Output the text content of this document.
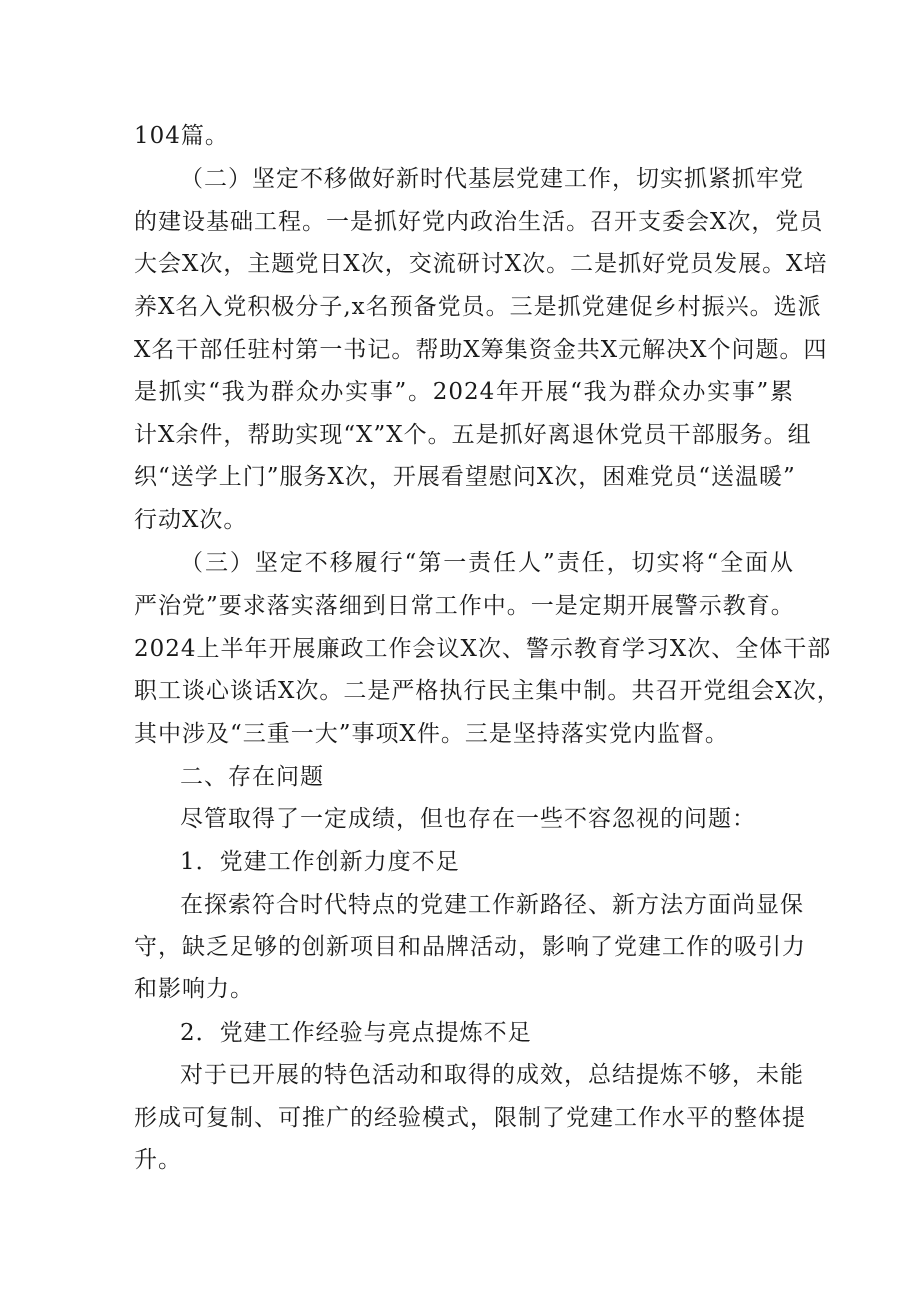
104篇。
（二）坚定不移做好新时代基层党建工作，切实抓紧抓牢党
的建设基础工程。一是抓好党内政治生活。召开支委会X次，党员
大会X次，主题党日X次，交流研讨X次。二是抓好党员发展。X培
养X名入党积极分子,x名预备党员。三是抓党建促乡村振兴。选派
X名干部任驻村第一书记。帮助X筹集资金共X元解决X个问题。四
是抓实“我为群众办实事”。2024年开展“我为群众办实事”累
计X余件，帮助实现“X”X个。五是抓好离退休党员干部服务。组
织“送学上门”服务X次，开展看望慰问X次，困难党员“送温暖”
行动X次。
（三）坚定不移履行“第一责任人”责任，切实将“全面从
严治党”要求落实落细到日常工作中。一是定期开展警示教育。
2024上半年开展廉政工作会议X次、警示教育学习X次、全体干部
职工谈心谈话X次。二是严格执行民主集中制。共召开党组会X次，
其中涉及“三重一大”事项X件。三是坚持落实党内监督。
二、存在问题
尽管取得了一定成绩，但也存在一些不容忽视的问题：
1．党建工作创新力度不足
在探索符合时代特点的党建工作新路径、新方法方面尚显保
守，缺乏足够的创新项目和品牌活动，影响了党建工作的吸引力
和影响力。
2．党建工作经验与亮点提炼不足
对于已开展的特色活动和取得的成效，总结提炼不够，未能
形成可复制、可推广的经验模式，限制了党建工作水平的整体提
升。
